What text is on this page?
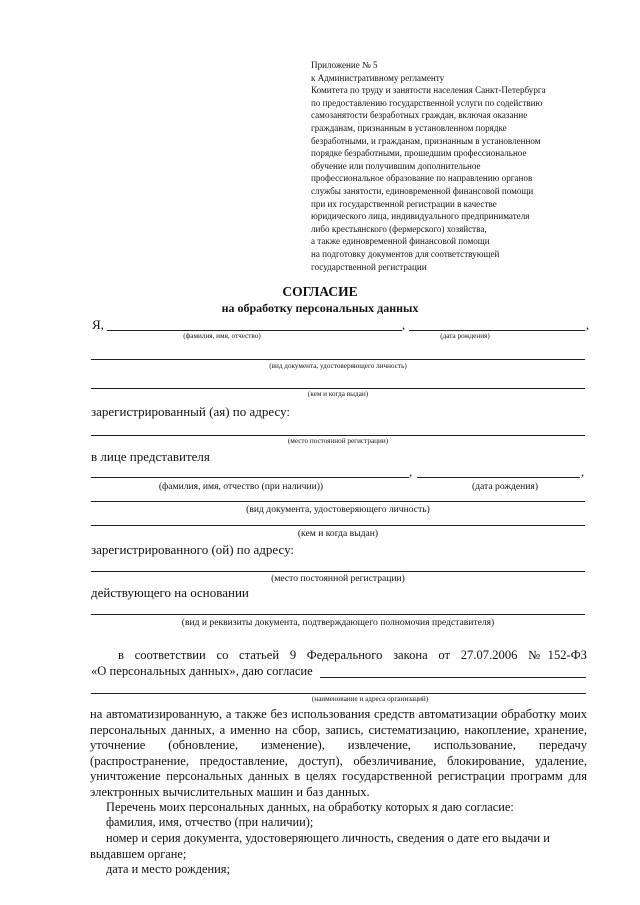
Приложение № 5
к Административному регламенту
Комитета по труду и занятости населения Санкт-Петербурга
по предоставлению государственной услуги по содействию
самозанятости безработных граждан, включая оказание
гражданам, признанным в установленном порядке
безработными, и гражданам, признанным в установленном
порядке безработными, прошедшим профессиональное
обучение или получившим дополнительное
профессиональное образование по направлению органов
службы занятости, единовременной финансовой помощи
при их государственной регистрации в качестве
юридического лица, индивидуального предпринимателя
либо крестьянского (фермерского) хозяйства,
а также единовременной финансовой помощи
на подготовку документов для соответствующей
государственной регистрации
СОГЛАСИЕ
на обработку персональных данных
Я,	,	,
(фамилия, имя, отчество)	(дата рождения)
(вид документа, удостоверяющего личность)
(кем и когда выдан)
зарегистрированный (ая) по адресу:
(место постоянной регистрации)
в лице представителя
,	,
(фамилия, имя, отчество (при наличии))	(дата рождения)
(вид документа, удостоверяющего личность)
(кем и когда выдан)
зарегистрированного (ой) по адресу:
(место постоянной регистрации)
действующего на основании
(вид и реквизиты документа, подтверждающего полномочия представителя)
в соответствии со статьей 9 Федерального закона от 27.07.2006 №152-ФЗ
«О персональных данных», даю согласие
(наименование и адреса организаций)
на автоматизированную, а также без использования средств автоматизации обработку моих персональных данных, а именно на сбор, запись, систематизацию, накопление, хранение, уточнение (обновление, изменение), извлечение, использование, передачу (распространение, предоставление, доступ), обезличивание, блокирование, удаление, уничтожение персональных данных в целях государственной регистрации программ для электронных вычислительных машин и баз данных.
Перечень моих персональных данных, на обработку которых я даю согласие:
фамилия, имя, отчество (при наличии);
номер и серия документа, удостоверяющего личность, сведения о дате его выдачи и выдавшем органе;
дата и место рождения;
